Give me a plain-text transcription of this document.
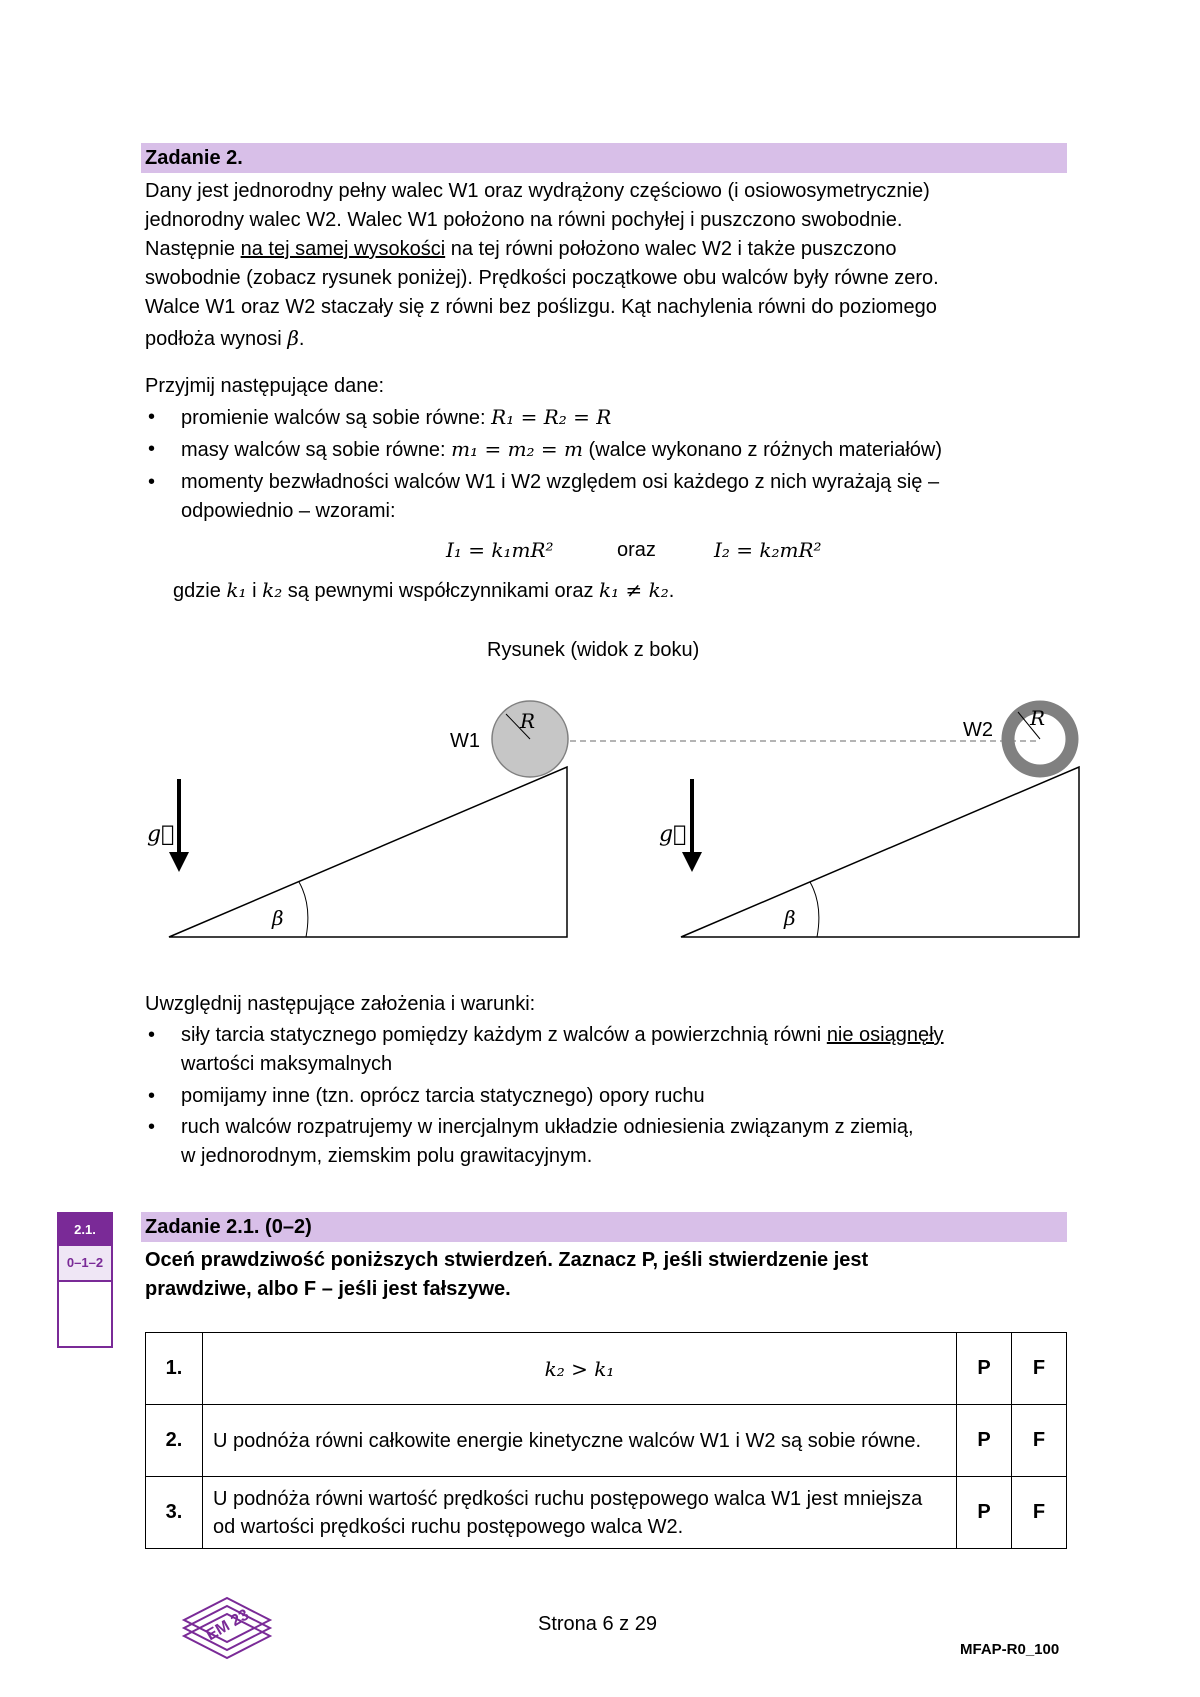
Zadanie 2.
Dany jest jednorodny pełny walec W1 oraz wydrążony częściowo (i osiowosymetrycznie)
jednorodny walec W2. Walec W1 położono na równi pochyłej i puszczono swobodnie.
Następnie na tej samej wysokości na tej równi położono walec W2 i także puszczono
swobodnie (zobacz rysunek poniżej). Prędkości początkowe obu walców były równe zero.
Walce W1 oraz W2 staczały się z równi bez poślizgu. Kąt nachylenia równi do poziomego
podłoża wynosi β.
Przyjmij następujące dane:
• promienie walców są sobie równe: R₁ = R₂ = R
• masy walców są sobie równe: m₁ = m₂ = m (walce wykonano z różnych materiałów)
• momenty bezwładności walców W1 i W2 względem osi każdego z nich wyrażają się –
odpowiednio – wzorami:
I₁ = k₁mR²	oraz	I₂ = k₂mR²
gdzie k₁ i k₂ są pewnymi współczynnikami oraz k₁ ≠ k₂.
Rysunek (widok z boku)
W1
R	W2 R
g⃗	g⃗
β	β
Uwzględnij następujące założenia i warunki:
• siły tarcia statycznego pomiędzy każdym z walców a powierzchnią równi nie osiągnęły
wartości maksymalnych
• pomijamy inne (tzn. oprócz tarcia statycznego) opory ruchu
• ruch walców rozpatrujemy w inercjalnym układzie odniesienia związanym z ziemią,
w jednorodnym, ziemskim polu grawitacyjnym.
2.1.
0–1–2
Zadanie 2.1. (0–2)
Oceń prawdziwość poniższych stwierdzeń. Zaznacz P, jeśli stwierdzenie jest
prawdziwe, albo F – jeśli jest fałszywe.
1.	k₂ > k₁	P	F
2.	U podnóża równi całkowite energie kinetyczne walców W1 i W2 są sobie równe.	P	F
3.	U podnóża równi wartość prędkości ruchu postępowego walca W1 jest mniejsza od wartości prędkości ruchu postępowego walca W2.	P	F
EM 23	Strona 6 z 29
MFAP-R0_100
